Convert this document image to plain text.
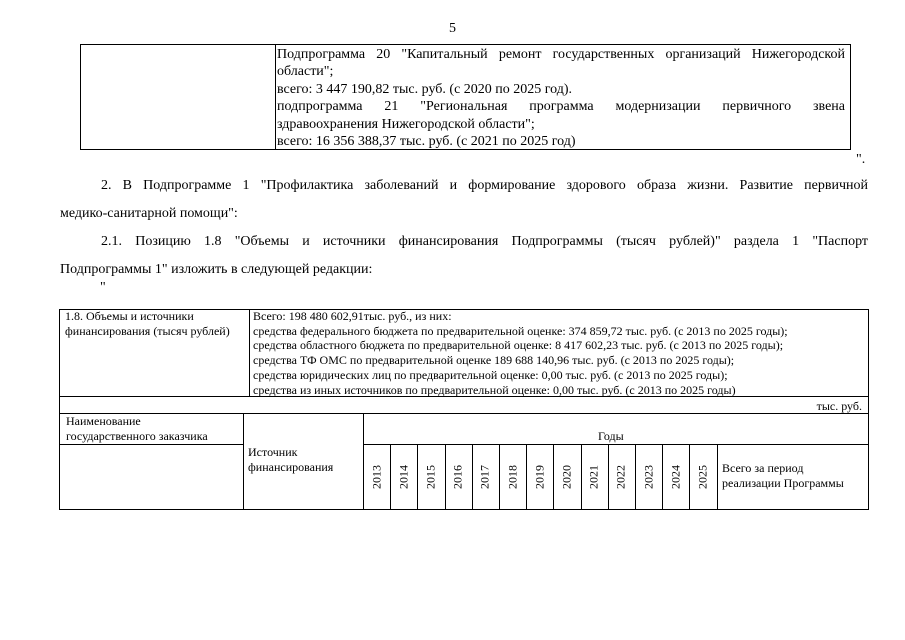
5
Подпрограмма 20 "Капитальный ремонт государственных организаций Нижегородской
области";
всего: 3 447 190,82 тыс. руб. (с 2020 по 2025 год).
подпрограмма 21 "Региональная программа модернизации первичного звена
здравоохранения Нижегородской области";
всего: 16 356 388,37 тыс. руб. (с 2021 по 2025 год)
".
2. В Подпрограмме 1 "Профилактика заболеваний и формирование здорового образа жизни. Развитие первичной
медико-санитарной помощи":
2.1. Позицию 1.8 "Объемы и источники финансирования Подпрограммы (тысяч рублей)" раздела 1 "Паспорт
Подпрограммы 1" изложить в следующей редакции:
"
1.8. Объемы и источники
финансирования (тысяч рублей)
Всего: 198 480 602,91тыс. руб., из них:
средства федерального бюджета по предварительной оценке: 374 859,72 тыс. руб. (с 2013 по 2025 годы);
средства областного бюджета по предварительной оценке: 8 417 602,23 тыс. руб. (с 2013 по 2025 годы);
средства ТФ ОМС по предварительной оценке 189 688 140,96 тыс. руб. (с 2013 по 2025 годы);
средства юридических лиц по предварительной оценке: 0,00 тыс. руб. (с 2013 по 2025 годы);
средства из иных источников по предварительной оценке: 0,00 тыс. руб. (с 2013 по 2025 годы)
тыс. руб.
Наименование
государственного заказчика
Источник
финансирования
Годы
2013 2014 2015 2016 2017 2018 2019 2020 2021 2022 2023 2024 2025 Всего за период
реализации Программы
